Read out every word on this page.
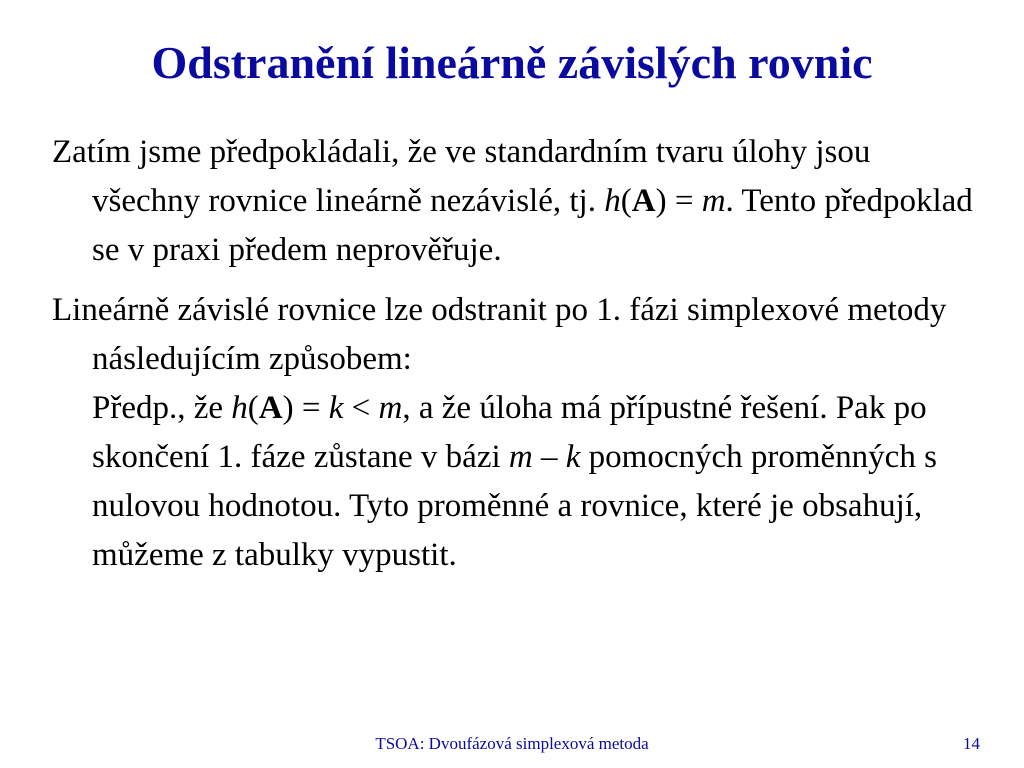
Odstranění lineárně závislých rovnic

Zatím jsme předpokládali, že ve standardním tvaru úlohy jsou všechny rovnice lineárně nezávislé, tj. h(A) = m. Tento předpoklad se v praxi předem neprověřuje.

Lineárně závislé rovnice lze odstranit po 1. fázi simplexové metody následujícím způsobem:

Předp., že h(A) = k < m, a že úloha má přípustné řešení. Pak po skončení 1. fáze zůstane v bázi m – k pomocných proměnných s nulovou hodnotou. Tyto proměnné a rovnice, které je obsahují, můžeme z tabulky vypustit.

TSOA: Dvoufázová simplexová metoda	14
